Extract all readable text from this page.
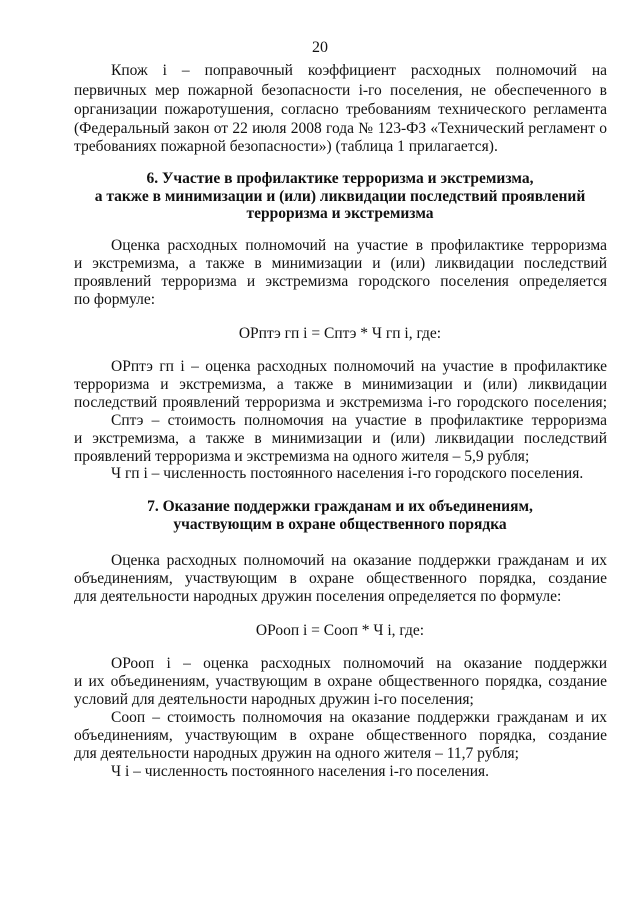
20
Кпож i – поправочный коэффициент расходных полномочий на
первичных мер пожарной безопасности i-го поселения, не обеспеченного в
организации пожаротушения, согласно требованиям технического регламента
(Федеральный закон от 22 июля 2008 года № 123-ФЗ «Технический регламент о
требованиях пожарной безопасности») (таблица 1 прилагается).
6. Участие в профилактике терроризма и экстремизма,
а также в минимизации и (или) ликвидации последствий проявлений
терроризма и экстремизма
Оценка расходных полномочий на участие в профилактике терроризма
и экстремизма, а также в минимизации и (или) ликвидации последствий
проявлений терроризма и экстремизма городского поселения определяется
по формуле:
ОРптэ гп i = Сптэ * Ч гп i, где:
ОРптэ гп i – оценка расходных полномочий на участие в профилактике
терроризма и экстремизма, а также в минимизации и (или) ликвидации
последствий проявлений терроризма и экстремизма i-го городского поселения;
Сптэ – стоимость полномочия на участие в профилактике терроризма
и экстремизма, а также в минимизации и (или) ликвидации последствий
проявлений терроризма и экстремизма на одного жителя – 5,9 рубля;
Ч гп i – численность постоянного населения i-го городского поселения.
7. Оказание поддержки гражданам и их объединениям,
участвующим в охране общественного порядка
Оценка расходных полномочий на оказание поддержки гражданам и их
объединениям, участвующим в охране общественного порядка, создание
для деятельности народных дружин поселения определяется по формуле:
ОРооп i = Сооп * Ч i, где:
ОРооп i – оценка расходных полномочий на оказание поддержки
и их объединениям, участвующим в охране общественного порядка, создание
условий для деятельности народных дружин i-го поселения;
Сооп – стоимость полномочия на оказание поддержки гражданам и их
объединениям, участвующим в охране общественного порядка, создание
для деятельности народных дружин на одного жителя – 11,7 рубля;
Ч i – численность постоянного населения i-го поселения.
